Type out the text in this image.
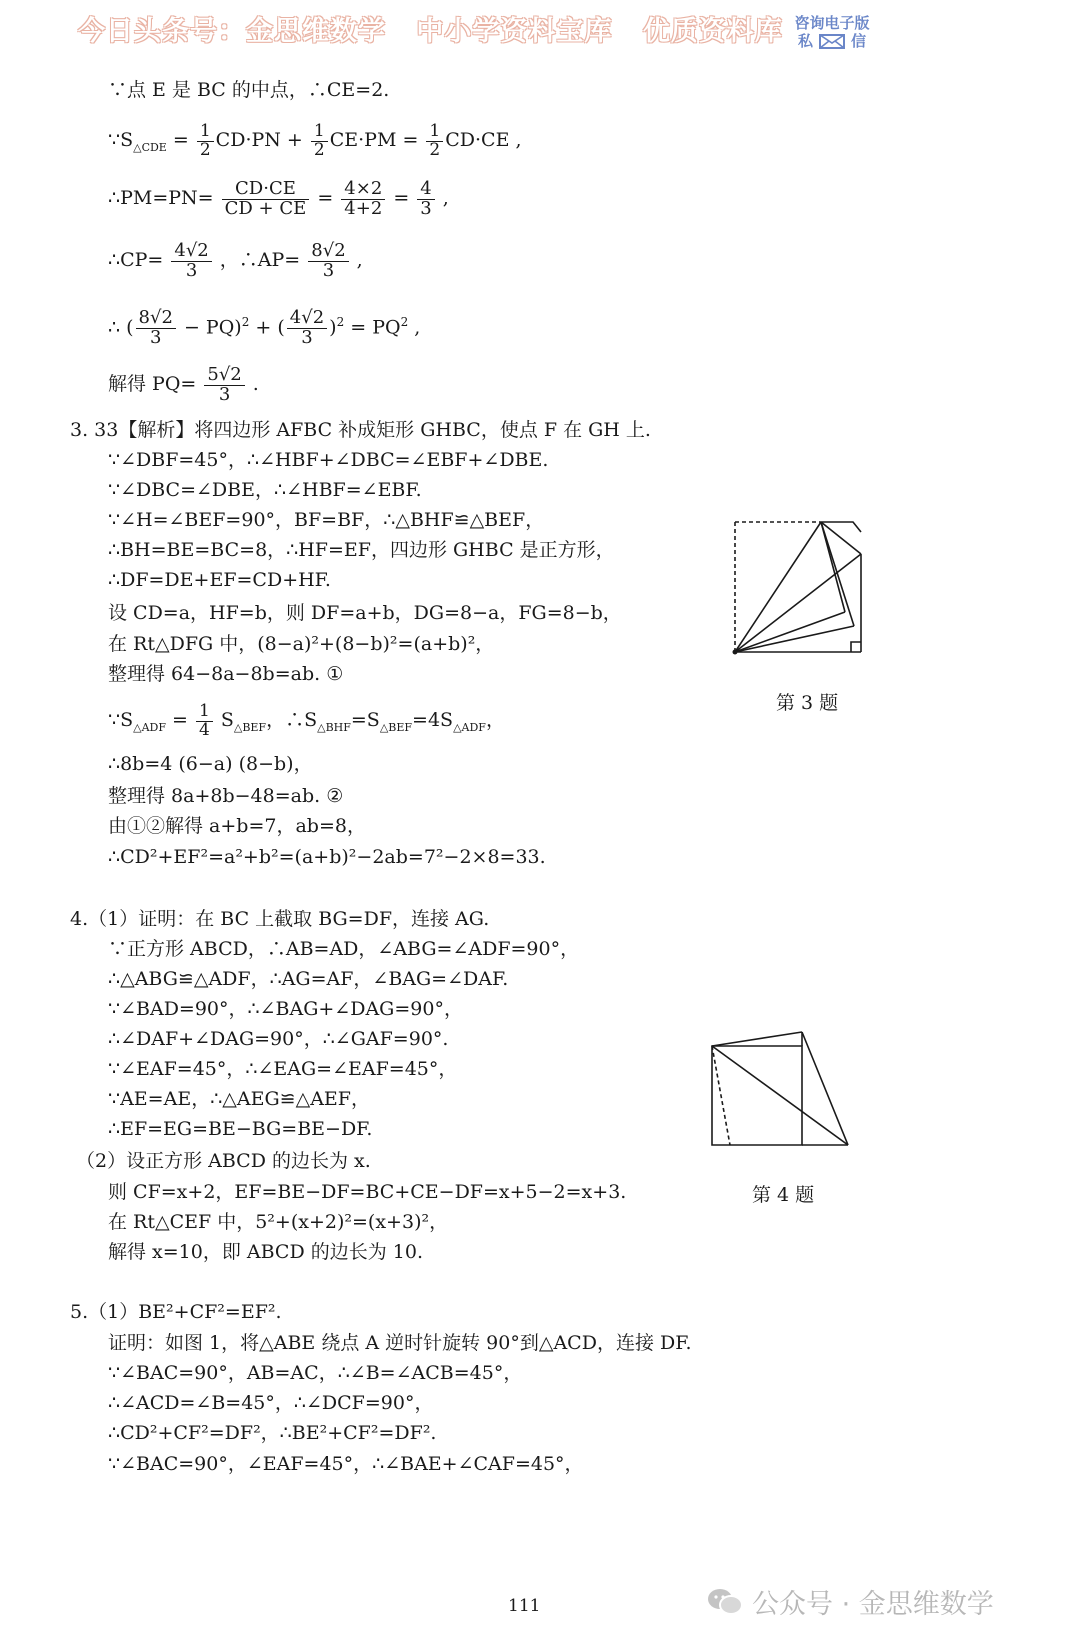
今日头条号：金思维数学 中小学资料宝库 优质资料库 咨询电子版
私	信
∵点 E 是 BC 的中点，∴CE=2.
$\because S_{\triangle CDE} = \frac{1}{2} CD\cdot PN + \frac{1}{2} CE\cdot PM = \frac{1}{2} CD\cdot CE$ ,
∴PM=PN= $\frac{CD\cdot CE}{CD + CE} = \frac{4\times 2}{4+2} = \frac{4}{3}$ ,
∴CP= $\frac{4√2}{3}$ ，∴AP= $\frac{8√2}{3}$ ,
∴ ( $\frac{8√2}{3} - PQ)^2$ + ( $\frac{4√2}{3} )^2 = PQ^2$ ,
解得 $PQ= \frac{5√2}{3}$ .
3. 33【解析】将四边形 AFBC 补成矩形 GHBC，使点 F 在 GH 上.
∵∠DBF=45°，∴∠HBF+∠DBC=∠EBF+∠DBE.
∵∠DBC=∠DBE，∴∠HBF=∠EBF.
∵∠H=∠BEF=90°，BF=BF，∴△BHF≌△BEF，
∴BH=BE=BC=8，∴HF=EF，四边形 GHBC 是正方形，
∴DF=DE+EF=CD+HF.
设 CD=a，HF=b，则 DF=a+b，DG=8−a，FG=8−b，
在 Rt△DFG 中，(8−a)²+(8−b)²=(a+b)²，
整理得 64−8a−8b=ab. ①
$\because S_{\triangle ADF} = \frac{1}{4} S_{\triangle BEF}$，$\therefore S_{\triangle BHF}=S_{\triangle BEF}=4S_{\triangle ADF}$，
∴8b=4 (6−a) (8−b)，
整理得 8a+8b−48=ab. ②
由①②解得 a+b=7，ab=8，
∴CD²+EF²=a²+b²=(a+b)²−2ab=7²−2×8=33.
第 3 题
4.（1）证明：在 BC 上截取 BG=DF，连接 AG.
∵正方形 ABCD，∴AB=AD，∠ABG=∠ADF=90°，
∴△ABG≌△ADF，∴AG=AF，∠BAG=∠DAF.
∵∠BAD=90°，∴∠BAG+∠DAG=90°，
∴∠DAF+∠DAG=90°，∴∠GAF=90°.
∵∠EAF=45°，∴∠EAG=∠EAF=45°，
∵AE=AE，∴△AEG≌△AEF，
∴EF=EG=BE−BG=BE−DF.
（2）设正方形 ABCD 的边长为 x.
则 CF=x+2，EF=BE−DF=BC+CE−DF=x+5−2=x+3.
在 Rt△CEF 中，5²+(x+2)²=(x+3)²，
解得 x=10，即 ABCD 的边长为 10.
第 4 题
5.（1）BE²+CF²=EF².
证明：如图 1，将△ABE 绕点 A 逆时针旋转 90°到△ACD，连接 DF.
∵∠BAC=90°，AB=AC，∴∠B=∠ACB=45°，
∴∠ACD=∠B=45°，∴∠DCF=90°，
∴CD²+CF²=DF²，∴BE²+CF²=DF².
∵∠BAC=90°，∠EAF=45°，∴∠BAE+∠CAF=45°，
111	公众号 · 金思维数学
